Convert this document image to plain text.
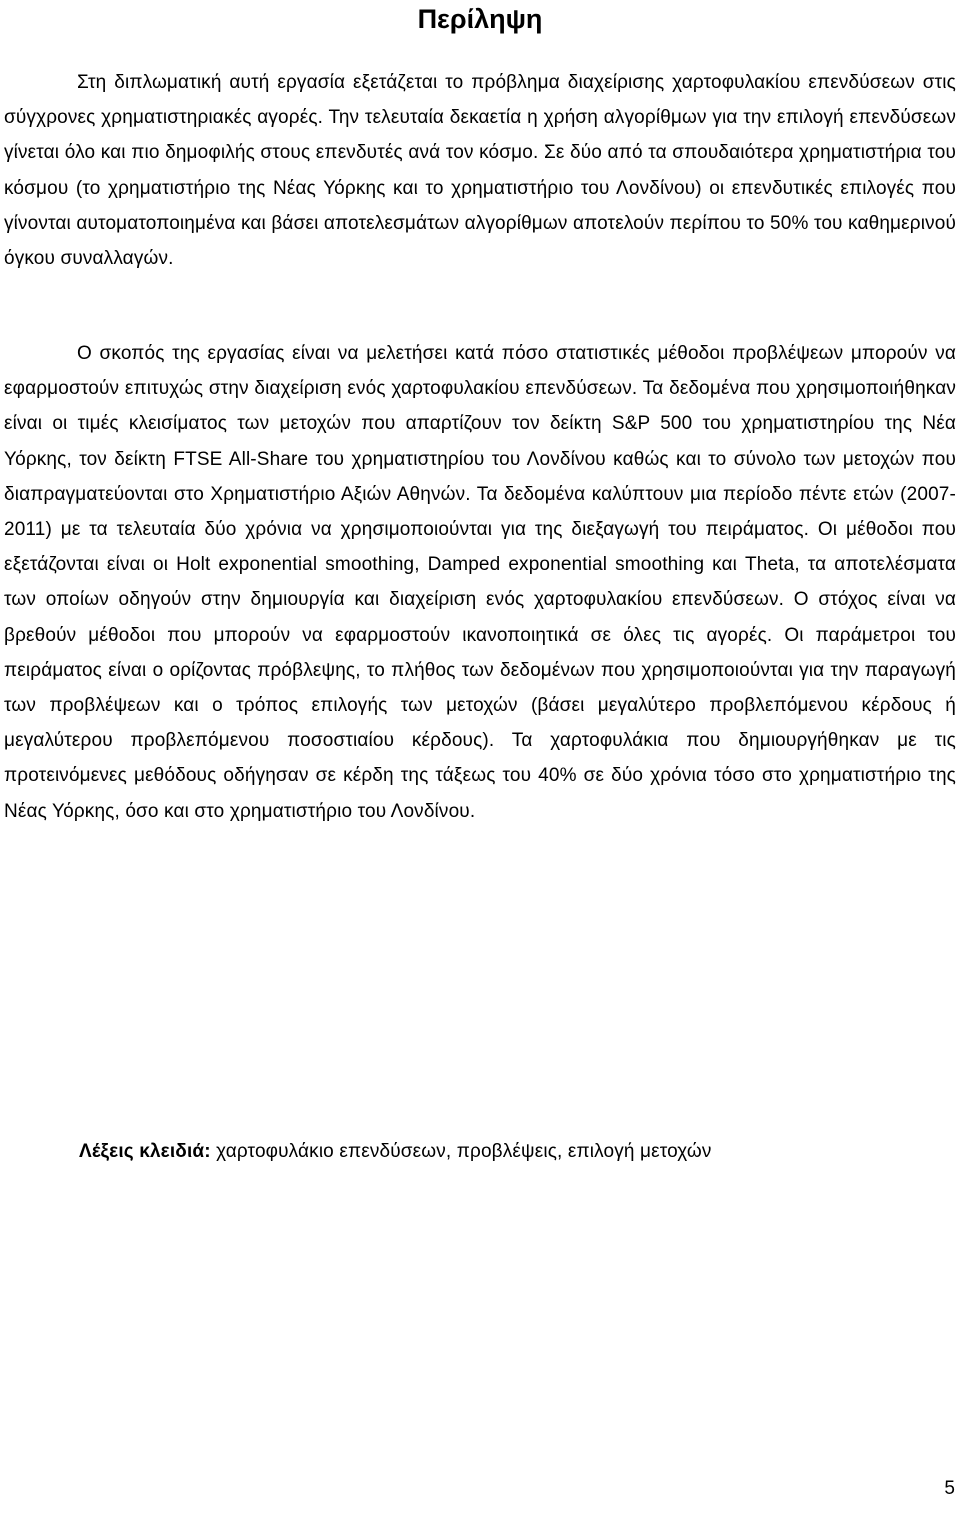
Περίληψη
Στη διπλωματική αυτή εργασία εξετάζεται το πρόβλημα διαχείρισης χαρτοφυλακίου επενδύσεων στις σύγχρονες χρηματιστηριακές αγορές. Την τελευταία δεκαετία η χρήση αλγορίθμων για την επιλογή επενδύσεων γίνεται όλο και πιο δημοφιλής στους επενδυτές ανά τον κόσμο. Σε δύο από τα σπουδαιότερα χρηματιστήρια του κόσμου (το χρηματιστήριο της Νέας Υόρκης και το χρηματιστήριο του Λονδίνου) οι επενδυτικές επιλογές που γίνονται αυτοματοποιημένα και βάσει αποτελεσμάτων αλγορίθμων αποτελούν περίπου το 50% του καθημερινού όγκου συναλλαγών.
Ο σκοπός της εργασίας είναι να μελετήσει κατά πόσο στατιστικές μέθοδοι προβλέψεων μπορούν να εφαρμοστούν επιτυχώς στην διαχείριση ενός χαρτοφυλακίου επενδύσεων. Τα δεδομένα που χρησιμοποιήθηκαν είναι οι τιμές κλεισίματος των μετοχών που απαρτίζουν τον δείκτη S&P 500 του χρηματιστηρίου της Νέα Υόρκης, τον δείκτη FTSE All-Share του χρηματιστηρίου του Λονδίνου καθώς και το σύνολο των μετοχών που διαπραγματεύονται στο Χρηματιστήριο Αξιών Αθηνών. Τα δεδομένα καλύπτουν μια περίοδο πέντε ετών (2007-2011) με τα τελευταία δύο χρόνια να χρησιμοποιούνται για της διεξαγωγή του πειράματος. Οι μέθοδοι που εξετάζονται είναι οι Holt exponential smoothing, Damped exponential smoothing και Theta, τα αποτελέσματα των οποίων οδηγούν στην δημιουργία και διαχείριση ενός χαρτοφυλακίου επενδύσεων. Ο στόχος είναι να βρεθούν μέθοδοι που μπορούν να εφαρμοστούν ικανοποιητικά σε όλες τις αγορές. Οι παράμετροι του πειράματος είναι ο ορίζοντας πρόβλεψης, το πλήθος των δεδομένων που χρησιμοποιούνται για την παραγωγή των προβλέψεων και ο τρόπος επιλογής των μετοχών (βάσει μεγαλύτερο προβλεπόμενου κέρδους ή μεγαλύτερου προβλεπόμενου ποσοστιαίου κέρδους). Τα χαρτοφυλάκια που δημιουργήθηκαν με τις προτεινόμενες μεθόδους οδήγησαν σε κέρδη της τάξεως του 40% σε δύο χρόνια τόσο στο χρηματιστήριο της Νέας Υόρκης, όσο και στο χρηματιστήριο του Λονδίνου.
Λέξεις κλειδιά: χαρτοφυλάκιο επενδύσεων, προβλέψεις, επιλογή μετοχών
5
